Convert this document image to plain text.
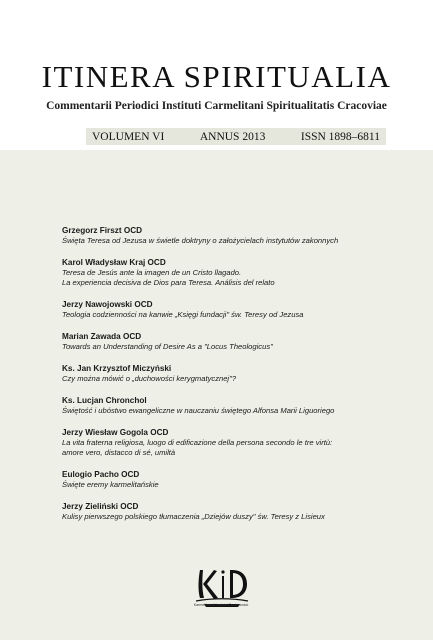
ITINERA SPIRITUALIA
Commentarii Periodici Instituti Carmelitani Spiritualitatis Cracoviae
VOLUMEN VI	ANNUS 2013	ISSN 1898–6811
Grzegorz Firszt OCD
Święta Teresa od Jezusa w świetle doktryny o założycielach instytutów zakonnych
Karol Władysław Kraj OCD
Teresa de Jesús ante la imagen de un Cristo llagado.
La experiencia decisiva de Dios para Teresa. Análisis del relato
Jerzy Nawojowski OCD
Teologia codzienności na kanwie „Księgi fundacji" św. Teresy od Jezusa
Marian Zawada OCD
Towards an Understanding of Desire As a "Locus Theologicus"
Ks. Jan Krzysztof Miczyński
Czy można mówić o „duchowości kerygmatycznej"?
Ks. Lucjan Chronchol
Świętość i ubóstwo ewangeliczne w nauczaniu świętego Alfonsa Marii Liguoriego
Jerzy Wiesław Gogola OCD
La vita fraterna religiosa, luogo di edificazione della persona secondo le tre virtù:
amore vero, distacco di sé, umiltà
Eulogio Pacho OCD
Święte eremy karmelitańskie
Jerzy Zieliński OCD
Kulisy pierwszego polskiego tłumaczenia „Dziejów duszy" św. Teresy z Lisieux
Karmelitański Instytut Duchowości
